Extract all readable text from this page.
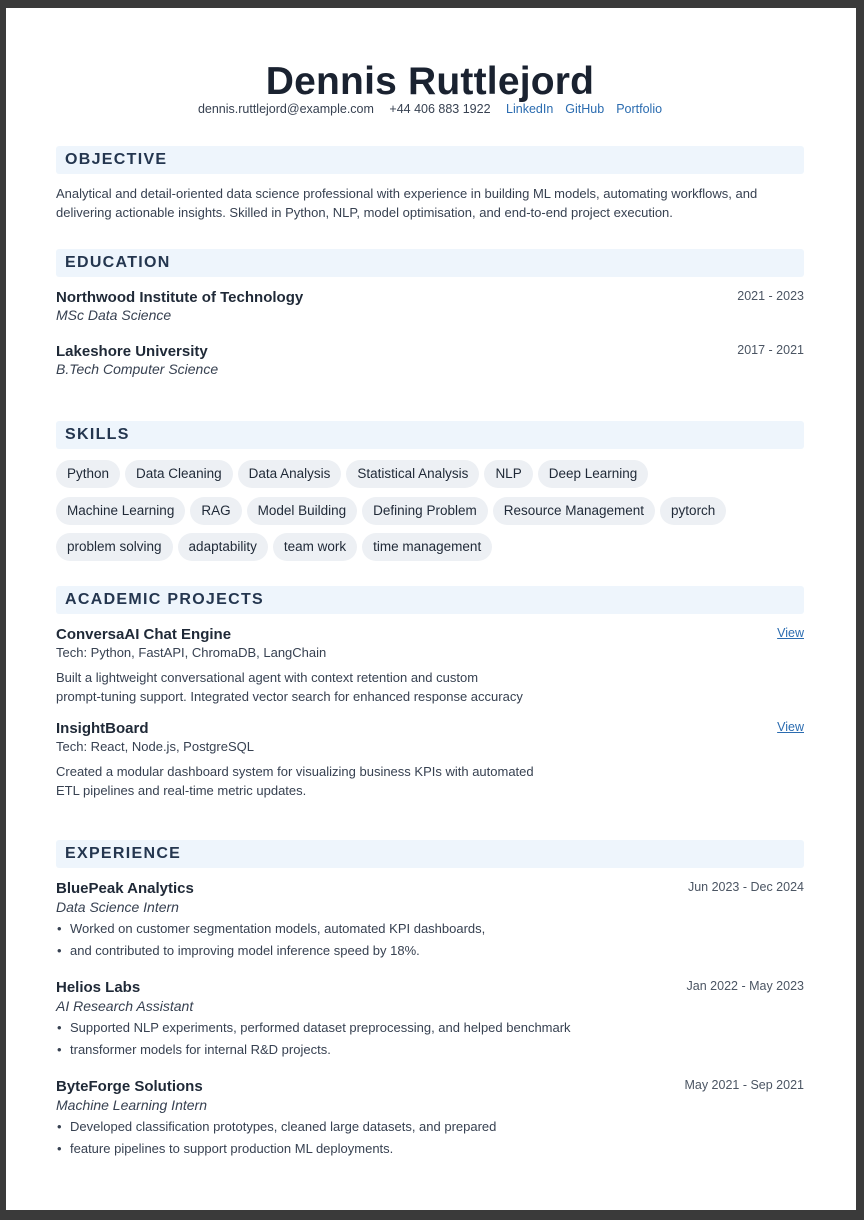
Dennis Ruttlejord
dennis.ruttlejord@example.com +44 406 883 1922 LinkedIn GitHub Portfolio
OBJECTIVE
Analytical and detail-oriented data science professional with experience in building ML models, automating workflows, and
delivering actionable insights. Skilled in Python, NLP, model optimisation, and end-to-end project execution.
EDUCATION
Northwood Institute of Technology	2021 - 2023
MSc Data Science
Lakeshore University	2017 - 2021
B.Tech Computer Science
SKILLS
Python Data Cleaning Data Analysis Statistical Analysis NLP Deep Learning
Machine Learning RAG Model Building Defining Problem Resource Management pytorch
problem solving adaptability team work time management
ACADEMIC PROJECTS
ConversaAI Chat Engine	View
Tech: Python, FastAPI, ChromaDB, LangChain
Built a lightweight conversational agent with context retention and custom
prompt-tuning support. Integrated vector search for enhanced response accuracy
InsightBoard	View
Tech: React, Node.js, PostgreSQL
Created a modular dashboard system for visualizing business KPIs with automated
ETL pipelines and real-time metric updates.
EXPERIENCE
BluePeak Analytics	Jun 2023 - Dec 2024
Data Science Intern
• Worked on customer segmentation models, automated KPI dashboards,
• and contributed to improving model inference speed by 18%.
Helios Labs	Jan 2022 - May 2023
AI Research Assistant
• Supported NLP experiments, performed dataset preprocessing, and helped benchmark
• transformer models for internal R&D projects.
ByteForge Solutions	May 2021 - Sep 2021
Machine Learning Intern
• Developed classification prototypes, cleaned large datasets, and prepared
• feature pipelines to support production ML deployments.
